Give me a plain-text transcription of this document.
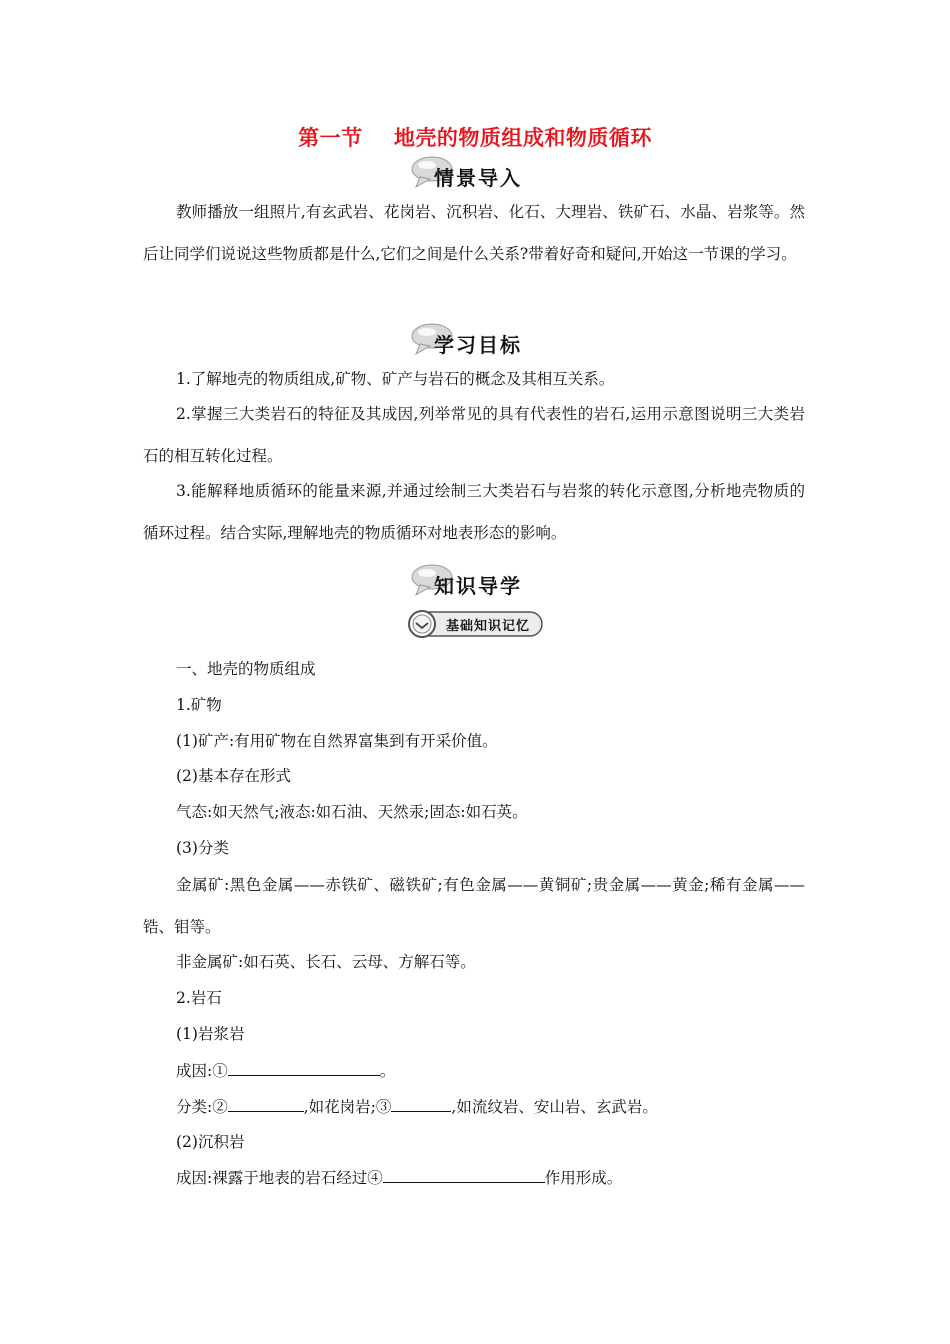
第一节    地壳的物质组成和物质循环
情景导入
教师播放一组照片,有玄武岩、花岗岩、沉积岩、化石、大理岩、铁矿石、水晶、岩浆等。然后让同学们说说这些物质都是什么,它们之间是什么关系?带着好奇和疑问,开始这一节课的学习。
学习目标
1.了解地壳的物质组成,矿物、矿产与岩石的概念及其相互关系。
2.掌握三大类岩石的特征及其成因,列举常见的具有代表性的岩石,运用示意图说明三大类岩石的相互转化过程。
3.能解释地质循环的能量来源,并通过绘制三大类岩石与岩浆的转化示意图,分析地壳物质的循环过程。结合实际,理解地壳的物质循环对地表形态的影响。
知识导学
基础知识记忆
一、地壳的物质组成
1.矿物
(1)矿产:有用矿物在自然界富集到有开采价值。
(2)基本存在形式
气态:如天然气;液态:如石油、天然汞;固态:如石英。
(3)分类
金属矿:黑色金属——赤铁矿、磁铁矿;有色金属——黄铜矿;贵金属——黄金;稀有金属——锆、钼等。
非金属矿:如石英、长石、云母、方解石等。
2.岩石
(1)岩浆岩
成因:①	。
分类:②	,如花岗岩;③	,如流纹岩、安山岩、玄武岩。
(2)沉积岩
成因:裸露于地表的岩石经过④	作用形成。
